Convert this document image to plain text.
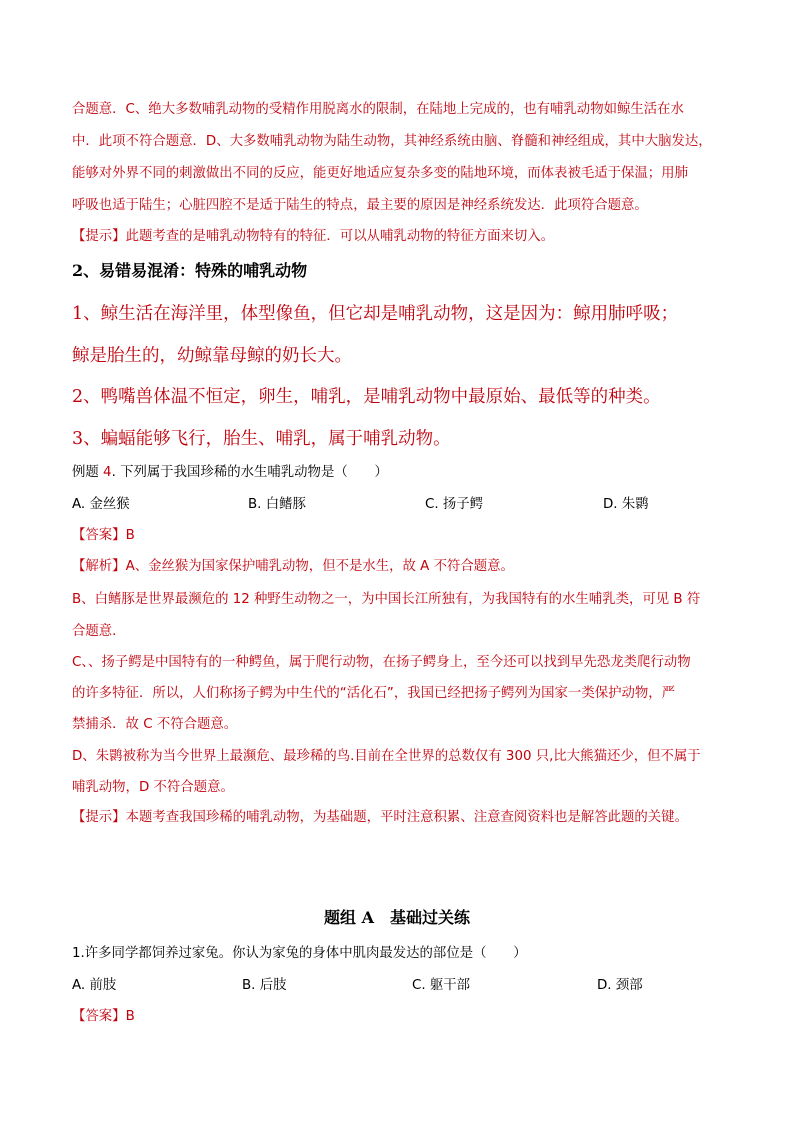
合题意．C、绝大多数哺乳动物的受精作用脱离水的限制，在陆地上完成的，也有哺乳动物如鲸生活在水
中．此项不符合题意．D、大多数哺乳动物为陆生动物，其神经系统由脑、脊髓和神经组成，其中大脑发达，
能够对外界不同的刺激做出不同的反应，能更好地适应复杂多变的陆地环境，而体表被毛适于保温；用肺
呼吸也适于陆生；心脏四腔不是适于陆生的特点，最主要的原因是神经系统发达．此项符合题意。
【提示】此题考查的是哺乳动物特有的特征．可以从哺乳动物的特征方面来切入。
2、易错易混淆：特殊的哺乳动物
1、鲸生活在海洋里，体型像鱼，但它却是哺乳动物，这是因为：鲸用肺呼吸；
鲸是胎生的，幼鲸靠母鲸的奶长大。
2、鸭嘴兽体温不恒定，卵生，哺乳，是哺乳动物中最原始、最低等的种类。
3、蝙蝠能够飞行，胎生、哺乳，属于哺乳动物。
例题 4. 下列属于我国珍稀的水生哺乳动物是（　　）
A. 金丝猴	B. 白鳍豚	C. 扬子鳄	D. 朱鹮
【答案】B
【解析】A、金丝猴为国家保护哺乳动物，但不是水生，故 A 不符合题意。
B、白鳍豚是世界最濒危的 12 种野生动物之一，为中国长江所独有，为我国特有的水生哺乳类，可见 B 符
合题意.
C、、扬子鳄是中国特有的一种鳄鱼，属于爬行动物，在扬子鳄身上，至今还可以找到早先恐龙类爬行动物
的许多特征．所以，人们称扬子鳄为中生代的“活化石”，我国已经把扬子鳄列为国家一类保护动物，严
禁捕杀．故 C 不符合题意。
D、朱鹮被称为当今世界上最濒危、最珍稀的鸟.目前在全世界的总数仅有 300 只,比大熊猫还少，但不属于
哺乳动物，D 不符合题意。
【提示】本题考查我国珍稀的哺乳动物，为基础题，平时注意积累、注意查阅资料也是解答此题的关键。
题组 A　基础过关练
1.许多同学都饲养过家兔。你认为家兔的身体中肌肉最发达的部位是（　　）
A. 前肢	B. 后肢	C. 躯干部	D. 颈部
【答案】B
